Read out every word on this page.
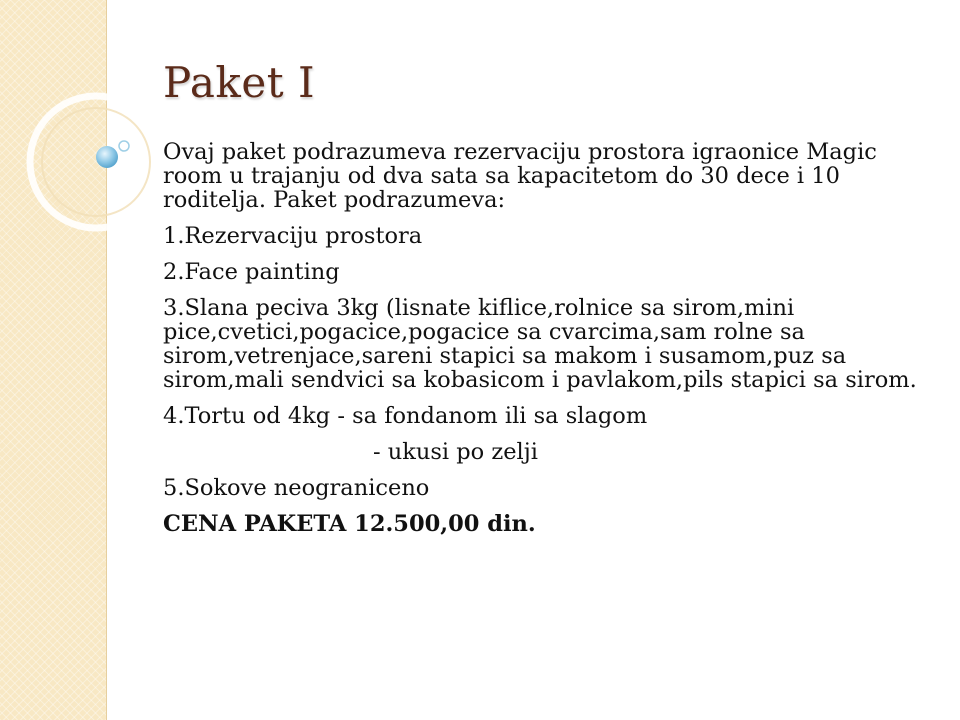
Paket I

Ovaj paket podrazumeva rezervaciju prostora igraonice Magic room u trajanju od dva sata sa kapacitetom do 30 dece i 10 roditelja. Paket podrazumeva:

1.Rezervaciju prostora

2.Face painting

3.Slana peciva 3kg (lisnate kiflice,rolnice sa sirom,mini pice,cvetici,pogacice,pogacice sa cvarcima,sam rolne sa sirom,vetrenjace,sareni stapici sa makom i susamom,puz sa sirom,mali sendvici sa kobasicom i pavlakom,pils stapici sa sirom.

4.Tortu od 4kg - sa fondanom ili sa slagom

- ukusi po zelji

5.Sokove neograniceno

CENA PAKETA 12.500,00 din.
